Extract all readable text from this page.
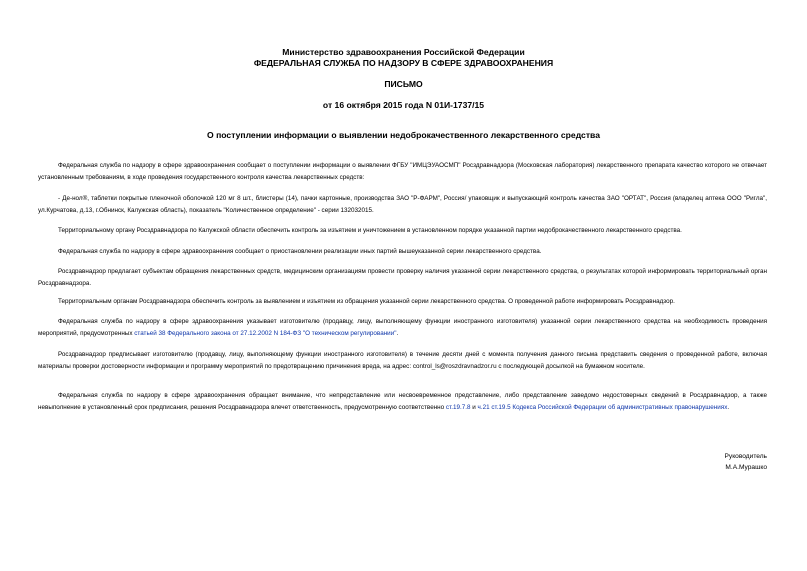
Министерство здравоохранения Российской Федерации
ФЕДЕРАЛЬНАЯ СЛУЖБА ПО НАДЗОРУ В СФЕРЕ ЗДРАВООХРАНЕНИЯ
ПИСЬМО
от 16 октября 2015 года N 01И-1737/15
О поступлении информации о выявлении недоброкачественного лекарственного средства

Федеральная служба по надзору в сфере здравоохранения сообщает о поступлении информации о выявлении ФГБУ "ИМЦЭУАОСМП" Росздравнадзора (Московская лаборатория) лекарственного препарата качество которого не отвечает установленным требованиям, в ходе проведения государственного контроля качества лекарственных средств:

- Де-нол®, таблетки покрытые пленочной оболочкой 120 мг 8 шт., блистеры (14), пачки картонные, производства ЗАО "Р-ФАРМ", Россия/ упаковщик и выпускающий контроль качества ЗАО "ОРТАТ", Россия (владелец аптека ООО "Ригла", ул.Курчатова, д.13, г.Обнинск, Калужская область), показатель "Количественное определение" - серии 132032015.

Территориальному органу Росздравнадзора по Калужской области обеспечить контроль за изъятием и уничтожением в установленном порядке указанной партии недоброкачественного лекарственного средства.

Федеральная служба по надзору в сфере здравоохранения сообщает о приостановлении реализации иных партий вышеуказанной серии лекарственного средства.

Росздравнадзор предлагает субъектам обращения лекарственных средств, медицинским организациям провести проверку наличия указанной серии лекарственного средства, о результатах которой информировать территориальный орган Росздравнадзора.

Территориальным органам Росздравнадзора обеспечить контроль за выявлением и изъятием из обращения указанной серии лекарственного средства. О проведенной работе информировать Росздравнадзор.

Федеральная служба по надзору в сфере здравоохранения указывает изготовителю (продавцу, лицу, выполняющему функции иностранного изготовителя) указанной серии лекарственного средства на необходимость проведения мероприятий, предусмотренных статьей 38 Федерального закона от 27.12.2002 N 184-ФЗ "О техническом регулировании".

Росздравнадзор предписывает изготовителю (продавцу, лицу, выполняющему функции иностранного изготовителя) в течение десяти дней с момента получения данного письма представить сведения о проведенной работе, включая материалы проверки достоверности информации и программу мероприятий по предотвращению причинения вреда, на адрес: control_ls@roszdravnadzor.ru с последующей досылкой на бумажном носителе.

Федеральная служба по надзору в сфере здравоохранения обращает внимание, что непредставление или несвоевременное представление, либо представление заведомо недостоверных сведений в Росздравнадзор, а также невыполнение в установленный срок предписания, решения Росздравнадзора влечет ответственность, предусмотренную соответственно ст.19.7.8 и ч.21 ст.19.5 Кодекса Российской Федерации об административных правонарушениях.

Руководитель
М.А.Мурашко
